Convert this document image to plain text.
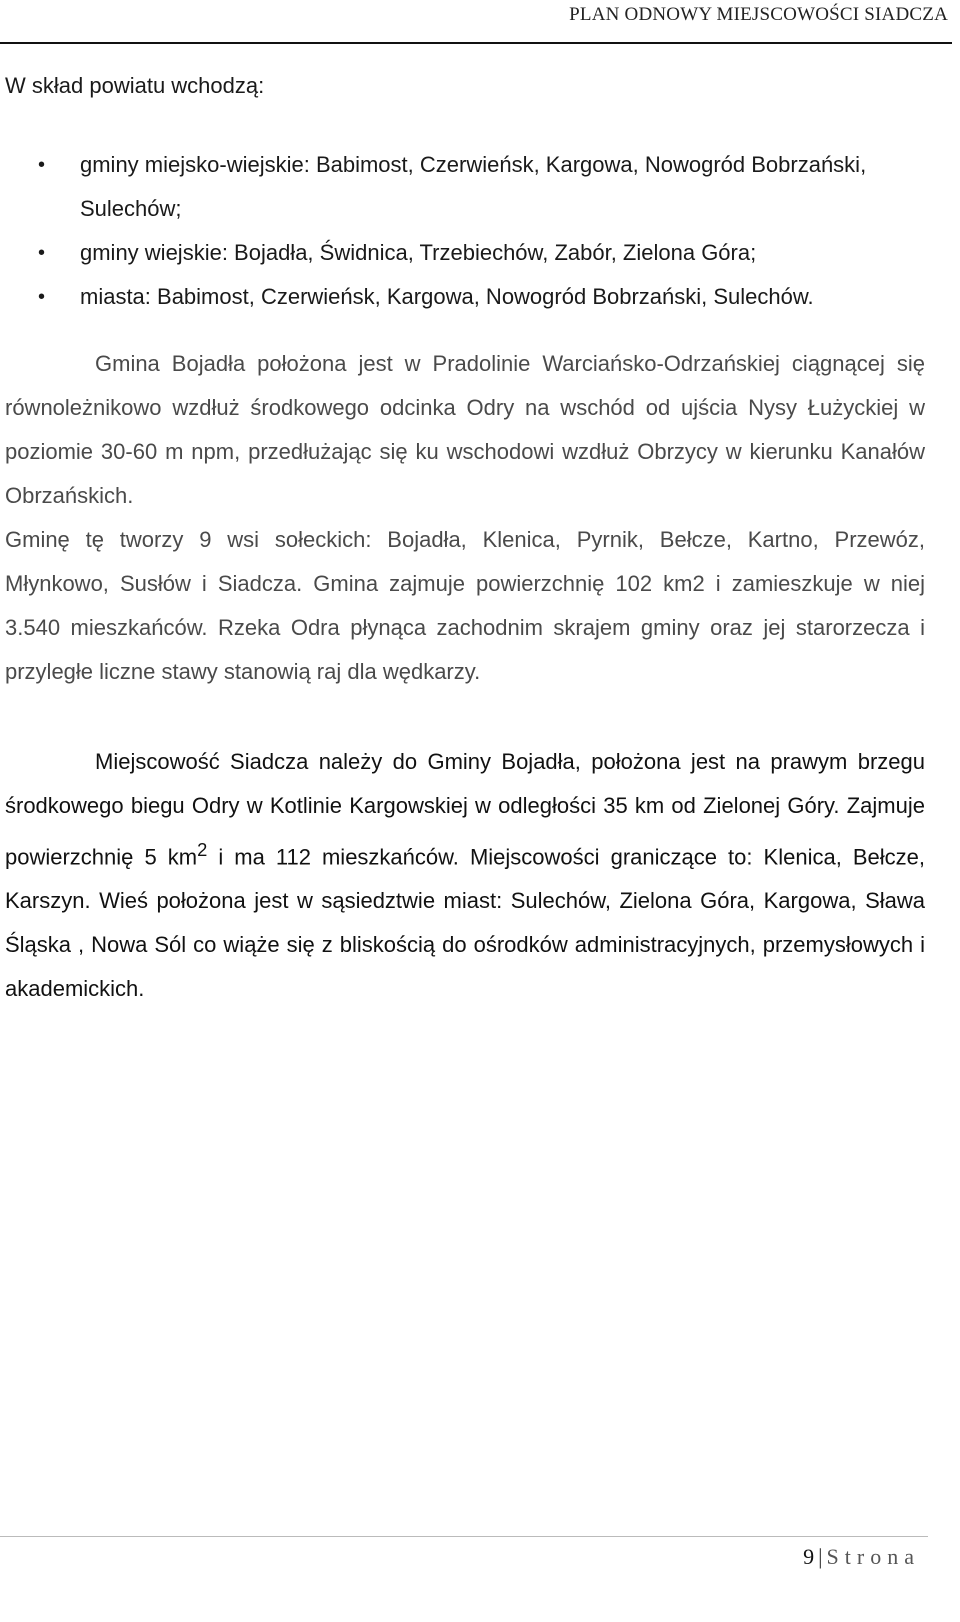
PLAN ODNOWY MIEJSCOWOŚCI SIADCZA
W skład powiatu wchodzą:
• gminy miejsko-wiejskie: Babimost, Czerwieńsk, Kargowa, Nowogród Bobrzański, Sulechów;
• gminy wiejskie: Bojadła, Świdnica, Trzebiechów, Zabór, Zielona Góra;
• miasta: Babimost, Czerwieńsk, Kargowa, Nowogród Bobrzański, Sulechów.

Gmina Bojadła położona jest w Pradolinie Warciańsko-Odrzańskiej ciągnącej się równoleżnikowo wzdłuż środkowego odcinka Odry na wschód od ujścia Nysy Łużyckiej w poziomie 30-60 m npm, przedłużając się ku wschodowi wzdłuż Obrzycy w kierunku Kanałów Obrzańskich.

Gminę tę tworzy 9 wsi sołeckich: Bojadła, Klenica, Pyrnik, Bełcze, Kartno, Przewóz, Młynkowo, Susłów i Siadcza. Gmina zajmuje powierzchnię 102 km2 i zamieszkuje w niej 3.540 mieszkańców. Rzeka Odra płynąca zachodnim skrajem gminy oraz jej starorzecza i przyległe liczne stawy stanowią raj dla wędkarzy.

Miejscowość Siadcza należy do Gminy Bojadła, położona jest na prawym brzegu środkowego biegu Odry w Kotlinie Kargowskiej w odległości 35 km od Zielonej Góry. Zajmuje powierzchnię 5 $km^2$ i ma 112 mieszkańców. Miejscowości graniczące to: Klenica, Bełcze, Karszyn. Wieś położona jest w sąsiedztwie miast: Sulechów, Zielona Góra, Kargowa, Sława Śląska , Nowa Sól co wiąże się z bliskością do ośrodków administracyjnych, przemysłowych i akademickich.

9 | Strona
